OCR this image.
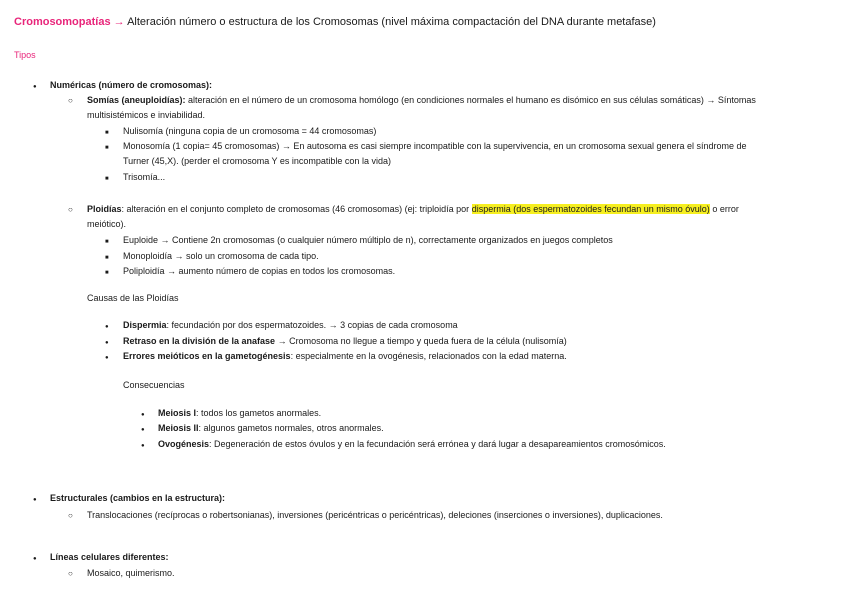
Cromosomopatías → Alteración número o estructura de los Cromosomas (nivel máxima compactación del DNA durante metafase)
Tipos
●
Numéricas (número de cromosomas):
○
Somías (aneuploidías): alteración en el número de un cromosoma homólogo (en condiciones normales el humano es disómico en sus células somáticas) → Síntomas
multisistémicos e inviabilidad.
■
Nulisomía (ninguna copia de un cromosoma = 44 cromosomas)
■
Monosomía (1 copia= 45 cromosomas) → En autosoma es casi siempre incompatible con la supervivencia, en un cromosoma sexual genera el síndrome de
Turner (45,X). (perder el cromosoma Y es incompatible con la vida)
■
Trisomía...
○
Ploidías: alteración en el conjunto completo de cromosomas (46 cromosomas) (ej: triploidía por dispermia (dos espermatozoides fecundan un mismo óvulo) o error
meiótico).
■
Euploide → Contiene 2n cromosomas (o cualquier número múltiplo de n), correctamente organizados en juegos completos
■
Monoploidía → solo un cromosoma de cada tipo.
■
Poliploidía → aumento número de copias en todos los cromosomas.
Causas de las Ploidías
●
Dispermia: fecundación por dos espermatozoides. → 3 copias de cada cromosoma
●
Retraso en la división de la anafase → Cromosoma no llegue a tiempo y queda fuera de la célula (nulisomía)
●
Errores meióticos en la gametogénesis: especialmente en la ovogénesis, relacionados con la edad materna.
Consecuencias
●
Meiosis I: todos los gametos anormales.
●
Meiosis II: algunos gametos normales, otros anormales.
●
Ovogénesis: Degeneración de estos óvulos y en la fecundación será errónea y dará lugar a desapareamientos cromosómicos.
●
Estructurales (cambios en la estructura):
○
Translocaciones (recíprocas o robertsonianas), inversiones (pericéntricas o pericéntricas), deleciones (inserciones o inversiones), duplicaciones.
●
Líneas celulares diferentes:
○
Mosaico, quimerismo.
